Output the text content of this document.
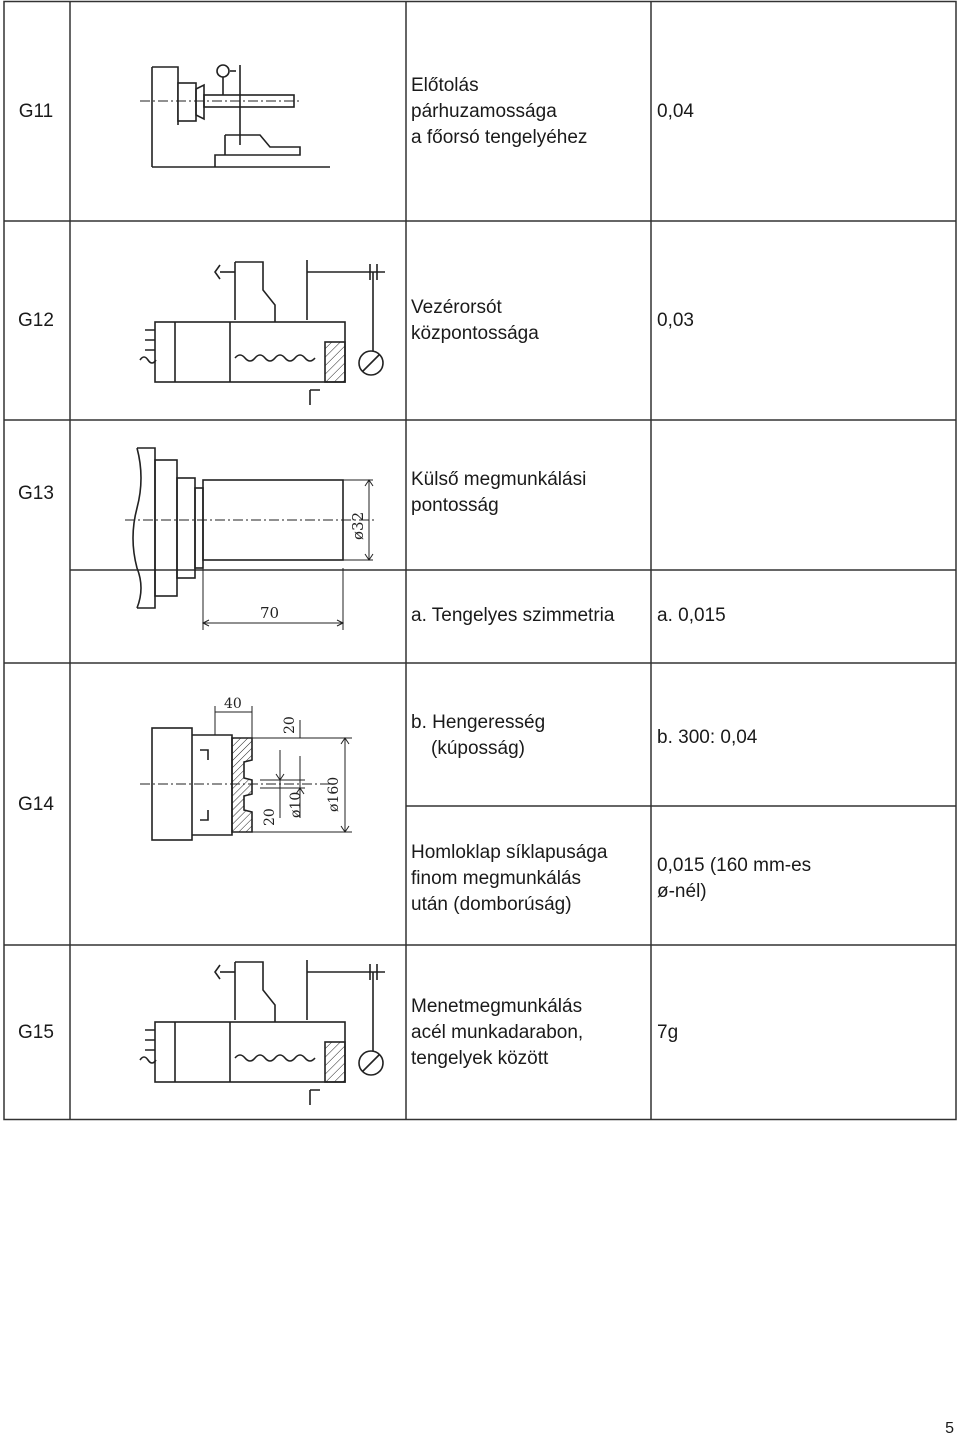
G11
Előtolás
párhuzamossága
a főorsó tengelyéhez
0,04
G12
Vezérorsót
központossága
0,03
G13
Külső megmunkálási
pontosság
a. Tengelyes szimmetria a. 0,015
ø32
70
G14
b. Hengeresség
(kúposság)
b. 300: 0,04
Homloklap síklapusága
finom megmunkálás
után (domborúság)
0,015 (160 mm-es
ø-nél)
40
20
ø10 ø160
20
G15
Menetmegmunkálás
acél munkadarabon,
tengelyek között
7g
5
